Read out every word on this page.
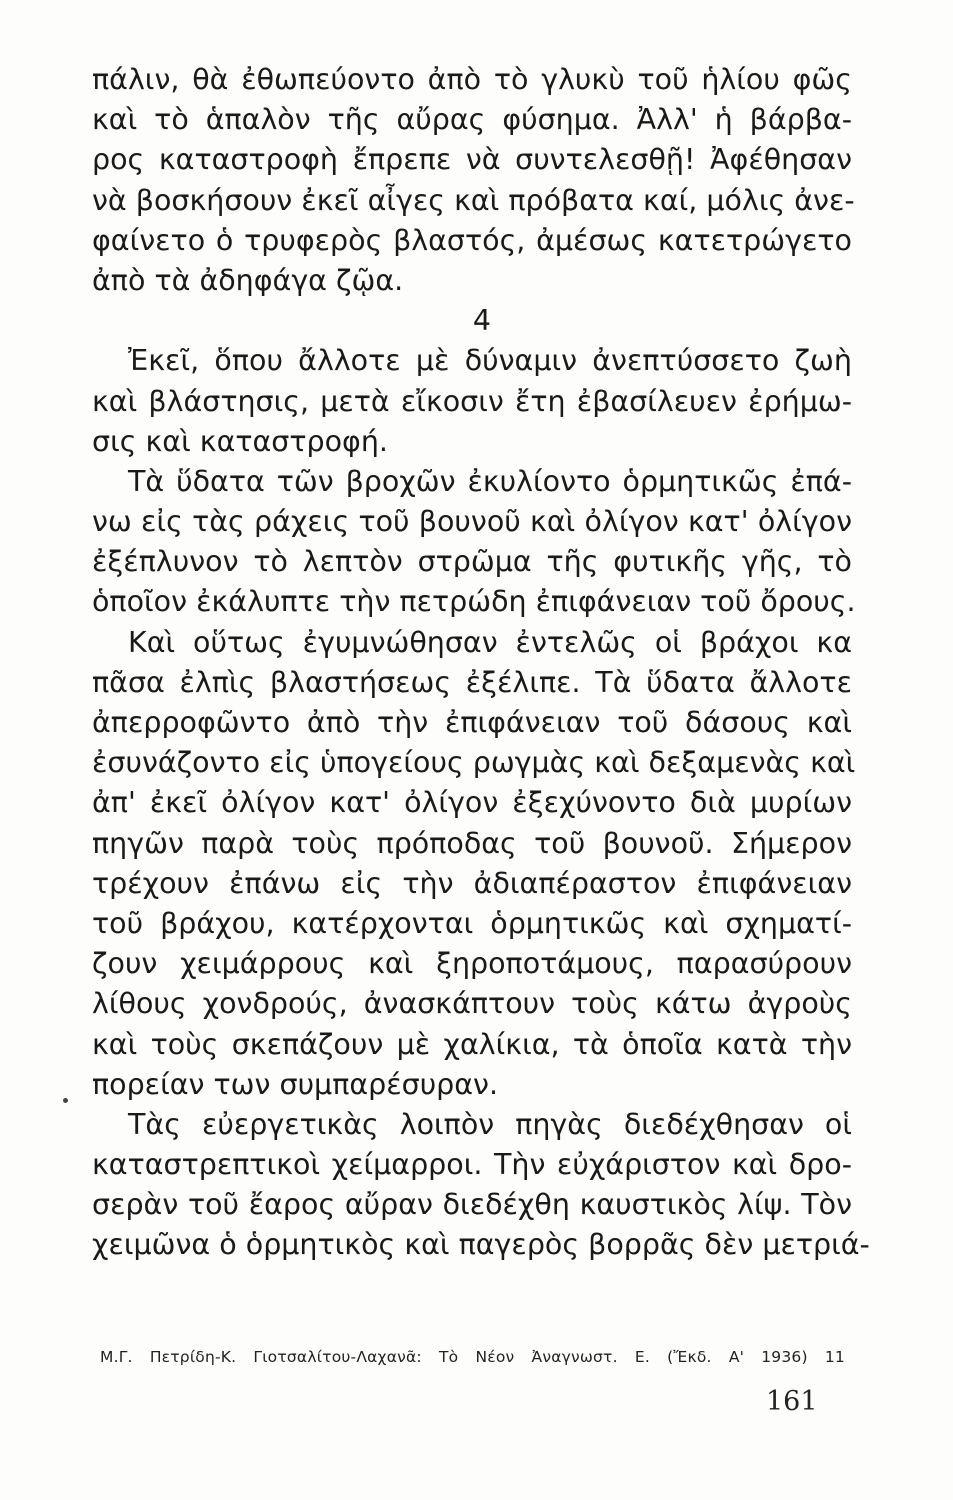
πάλιν, θὰ ἐθωπεύοντο ἀπὸ τὸ γλυκὺ τοῦ ἡλίου φῶς
καὶ τὸ ἁπαλὸν τῆς αὔρας φύσημα. Ἀλλ' ἡ βάρβα-
ρος καταστροφὴ ἔπρεπε νὰ συντελεσθῇ! Ἀφέθησαν
νὰ βοσκήσουν ἐκεῖ αἶγες καὶ πρόβατα καί, μόλις ἀνε-
φαίνετο ὁ τρυφερὸς βλαστός, ἀμέσως κατετρώγετο
ἀπὸ τὰ ἀδηφάγα ζῷα.
4
Ἐκεῖ, ὅπου ἄλλοτε μὲ δύναμιν ἀνεπτύσσετο ζωὴ
καὶ βλάστησις, μετὰ εἴκοσιν ἔτη ἐβασίλευεν ἐρήμω-
σις καὶ καταστροφή.
Τὰ ὕδατα τῶν βροχῶν ἐκυλίοντο ὁρμητικῶς ἐπά-
νω εἰς τὰς ράχεις τοῦ βουνοῦ καὶ ὀλίγον κατ' ὀλίγον
ἐξέπλυνον τὸ λεπτὸν στρῶμα τῆς φυτικῆς γῆς, τὸ
ὁποῖον ἐκάλυπτε τὴν πετρώδη ἐπιφάνειαν τοῦ ὄρους.
Καὶ οὕτως ἐγυμνώθησαν ἐντελῶς οἱ βράχοι κα
πᾶσα ἐλπὶς βλαστήσεως ἐξέλιπε. Τὰ ὕδατα ἄλλοτε
ἀπερροφῶντο ἀπὸ τὴν ἐπιφάνειαν τοῦ δάσους καὶ
ἐσυνάζοντο εἰς ὑπογείους ρωγμὰς καὶ δεξαμενὰς καὶ
ἀπ' ἐκεῖ ὀλίγον κατ' ὀλίγον ἐξεχύνοντο διὰ μυρίων
πηγῶν παρὰ τοὺς πρόποδας τοῦ βουνοῦ. Σήμερον
τρέχουν ἐπάνω εἰς τὴν ἀδιαπέραστον ἐπιφάνειαν
τοῦ βράχου, κατέρχονται ὁρμητικῶς καὶ σχηματί-
ζουν χειμάρρους καὶ ξηροποτάμους, παρασύρουν
λίθους χονδρούς, ἀνασκάπτουν τοὺς κάτω ἀγροὺς
καὶ τοὺς σκεπάζουν μὲ χαλίκια, τὰ ὁποῖα κατὰ τὴν
πορείαν των συμπαρέσυραν.
Τὰς εὐεργετικὰς λοιπὸν πηγὰς διεδέχθησαν οἱ
καταστρεπτικοὶ χείμαρροι. Τὴν εὐχάριστον καὶ δρο-
σερὰν τοῦ ἔαρος αὔραν διεδέχθη καυστικὸς λίψ. Τὸν
χειμῶνα ὁ ὁρμητικὸς καὶ παγερὸς βορρᾶς δὲν μετριά-
Μ.Γ. Πετρίδη-Κ. Γιοτσαλίτου-Λαχανᾶ: Τὸ Νέον Ἀναγνωστ. Ε. (Ἔκδ. Α' 1936) 11
161
